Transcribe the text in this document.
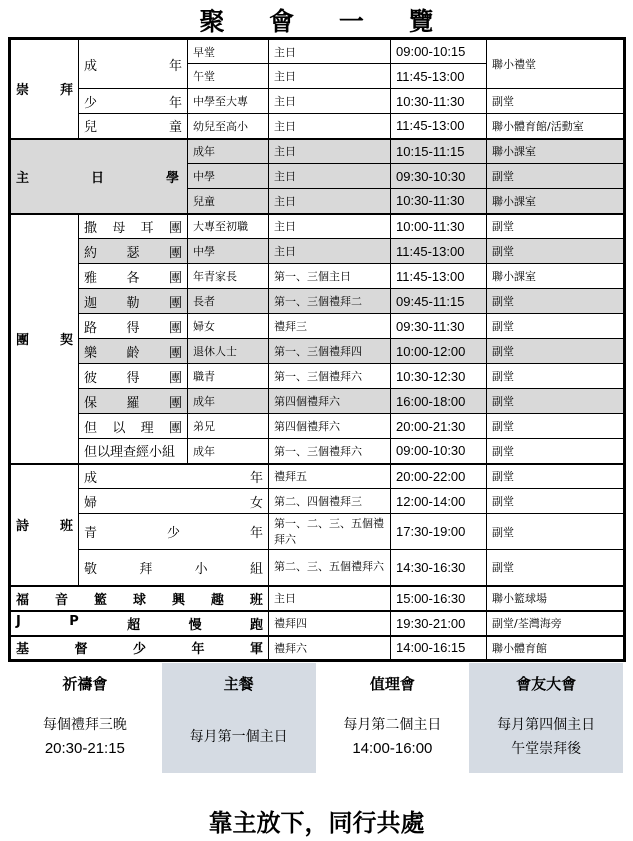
聚 會 一 覽
崇 拜	成 年	早堂	主日	09:00-10:15	聯小禮堂
		午堂	主日	11:45-13:00	

	少 年	中學至大專	主日	10:30-11:30	副堂

	兒 童	幼兒至高小	主日	11:45-13:00	聯小體育館/活動室

主 日 學		成年	主日	10:15-11:15	聯小課室
		中學	主日	09:30-10:30	副堂
		兒童	主日	10:30-11:30	聯小課室

團 契	撒 母 耳 團	大專至初職	主日	10:00-11:30	副堂

	約 瑟 團	中學	主日	11:45-13:00	副堂

	雅 各 團	年青家長	第一、三個主日	11:45-13:00	聯小課室

	迦 勒 團	長者	第一、三個禮拜二	09:45-11:15	副堂

	路 得 團	婦女	禮拜三	09:30-11:30	副堂

	樂 齡 團	退休人士	第一、三個禮拜四	10:00-12:00	副堂

	彼 得 團	職青	第一、三個禮拜六	10:30-12:30	副堂

	保 羅 團	成年	第四個禮拜六	16:00-18:00	副堂

	但 以 理 團	弟兄	第四個禮拜六	20:00-21:30	副堂

	但以理查經小組	成年	第一、三個禮拜六	09:00-10:30	副堂

詩 班	成 年		禮拜五	20:00-22:00	副堂

	婦 女		第二、四個禮拜三	12:00-14:00	副堂

	青 少 年		第一、二、三、五個禮拜六	17:30-19:00	副堂

	敬 拜 小 組		第二、三、五個禮拜六	14:30-16:30	副堂

福 音 籃 球 興 趣 班	主日	15:00-16:30	聯小籃球場

J P 超 慢 跑			禮拜四	19:30-21:00	副堂/荃灣海旁

基 督 少 年 軍			禮拜六	14:00-16:15	聯小體育館
祈禱會
每個禮拜三晚
20:30-21:15
主餐
每月第一個主日
值理會
每月第二個主日
14:00-16:00
會友大會
每月第四個主日
午堂崇拜後
靠主放下，同行共處
